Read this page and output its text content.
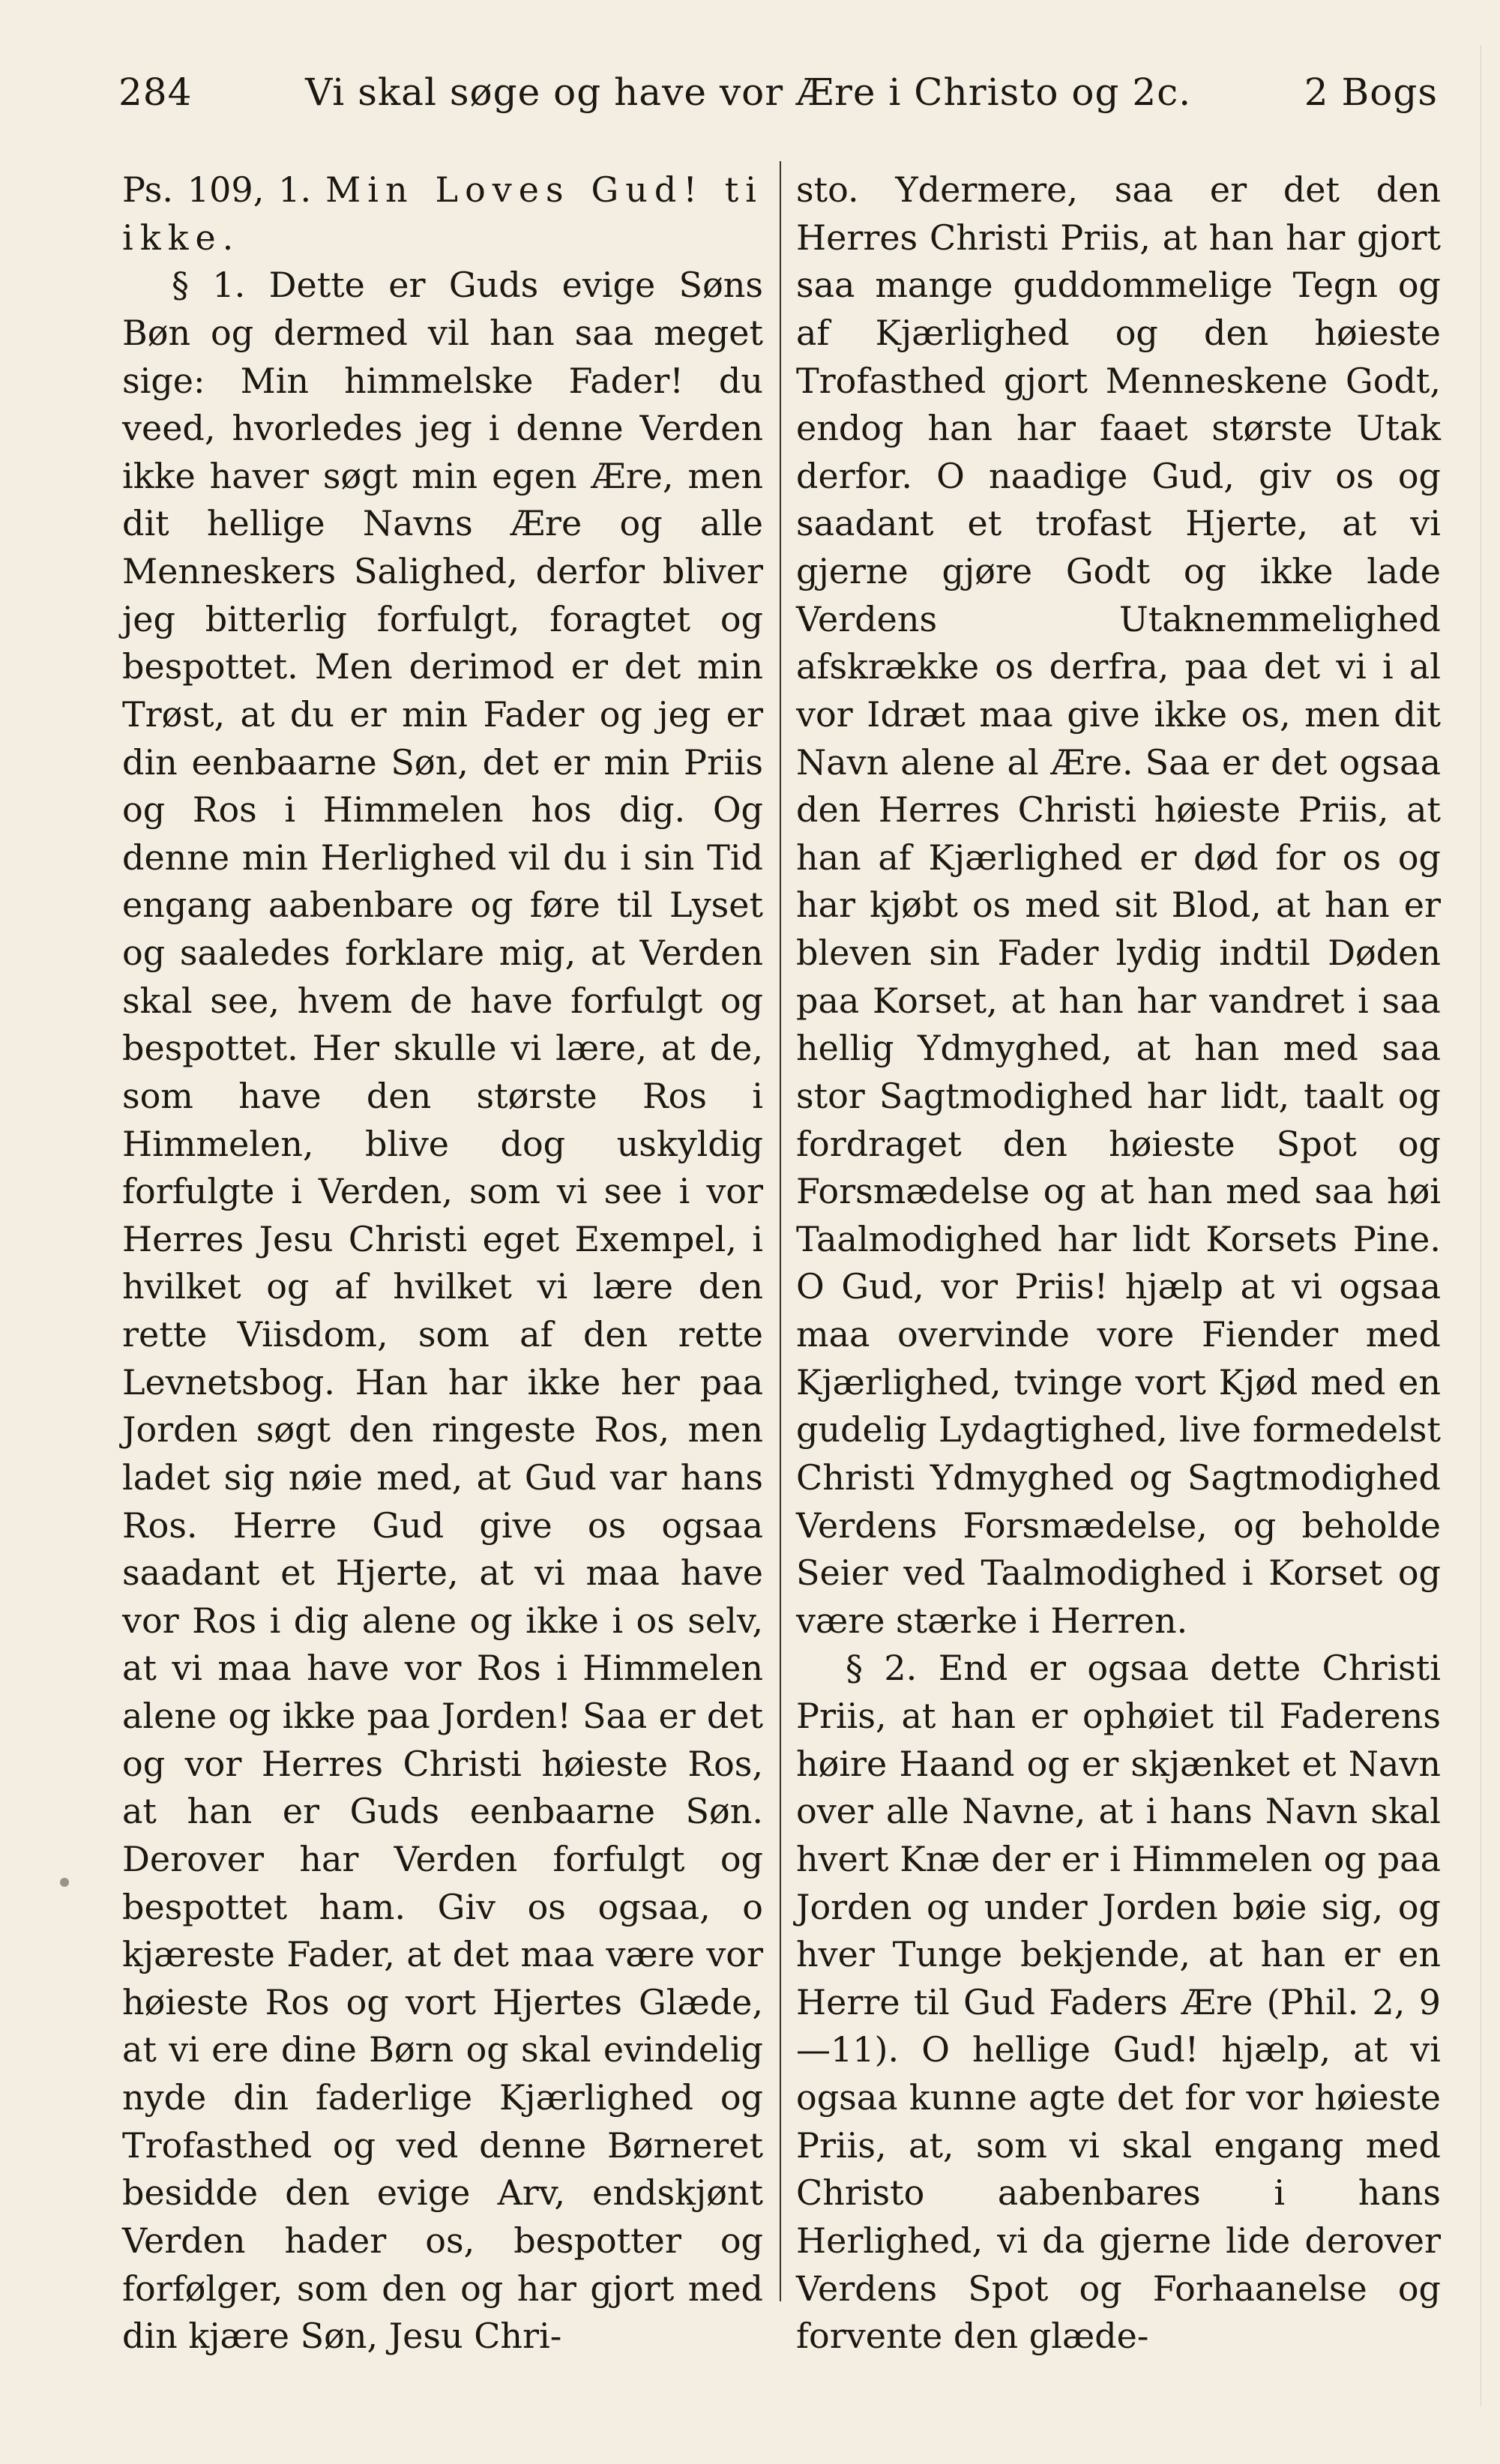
284	Vi skal søge og have vor Ære i Christo og 2c.	2 Bogs

Ps. 109, 1. Min Loves Gud! ti ikke.

§ 1. Dette er Guds evige Søns Bøn og dermed vil han saa meget sige: Min himmelske Fader! du veed, hvorledes jeg i denne Verden ikke haver søgt min egen Ære, men dit hellige Navns Ære og alle Menneskers Salighed, derfor bliver jeg bitterlig forfulgt, foragtet og bespottet. Men derimod er det min Trøst, at du er min Fader og jeg er din eenbaarne Søn, det er min Priis og Ros i Himmelen hos dig. Og denne min Herlighed vil du i sin Tid engang aabenbare og føre til Lyset og saaledes forklare mig, at Verden skal see, hvem de have forfulgt og bespottet. Her skulle vi lære, at de, som have den største Ros i Himmelen, blive dog uskyldig forfulgte i Verden, som vi see i vor Herres Jesu Christi eget Exempel, i hvilket og af hvilket vi lære den rette Viisdom, som af den rette Levnetsbog. Han har ikke her paa Jorden søgt den ringeste Ros, men ladet sig nøie med, at Gud var hans Ros. Herre Gud give os ogsaa saadant et Hjerte, at vi maa have vor Ros i dig alene og ikke i os selv, at vi maa have vor Ros i Himmelen alene og ikke paa Jorden! Saa er det og vor Herres Christi høieste Ros, at han er Guds eenbaarne Søn. Derover har Verden forfulgt og bespottet ham. Giv os ogsaa, o kjæreste Fader, at det maa være vor høieste Ros og vort Hjertes Glæde, at vi ere dine Børn og skal evindelig nyde din faderlige Kjærlighed og Trofasthed og ved denne Børneret besidde den evige Arv, endskjønt Verden hader os, bespotter og forfølger, som den og har gjort med din kjære Søn, Jesu Chri-

sto. Ydermere, saa er det den Herres Christi Priis, at han har gjort saa mange guddommelige Tegn og af Kjærlighed og den høieste Trofasthed gjort Menneskene Godt, endog han har faaet største Utak derfor. O naadige Gud, giv os og saadant et trofast Hjerte, at vi gjerne gjøre Godt og ikke lade Verdens Utaknemmelighed afskrække os derfra, paa det vi i al vor Idræt maa give ikke os, men dit Navn alene al Ære. Saa er det ogsaa den Herres Christi høieste Priis, at han af Kjærlighed er død for os og har kjøbt os med sit Blod, at han er bleven sin Fader lydig indtil Døden paa Korset, at han har vandret i saa hellig Ydmyghed, at han med saa stor Sagtmodighed har lidt, taalt og fordraget den høieste Spot og Forsmædelse og at han med saa høi Taalmodighed har lidt Korsets Pine. O Gud, vor Priis! hjælp at vi ogsaa maa overvinde vore Fiender med Kjærlighed, tvinge vort Kjød med en gudelig Lydagtighed, live formedelst Christi Ydmyghed og Sagtmodighed Verdens Forsmædelse, og beholde Seier ved Taalmodighed i Korset og være stærke i Herren.

§ 2. End er ogsaa dette Christi Priis, at han er ophøiet til Faderens høire Haand og er skjænket et Navn over alle Navne, at i hans Navn skal hvert Knæ der er i Himmelen og paa Jorden og under Jorden bøie sig, og hver Tunge bekjende, at han er en Herre til Gud Faders Ære (Phil. 2, 9—11). O hellige Gud! hjælp, at vi ogsaa kunne agte det for vor høieste Priis, at, som vi skal engang med Christo aabenbares i hans Herlighed, vi da gjerne lide derover Verdens Spot og Forhaanelse og forvente den glæde-
